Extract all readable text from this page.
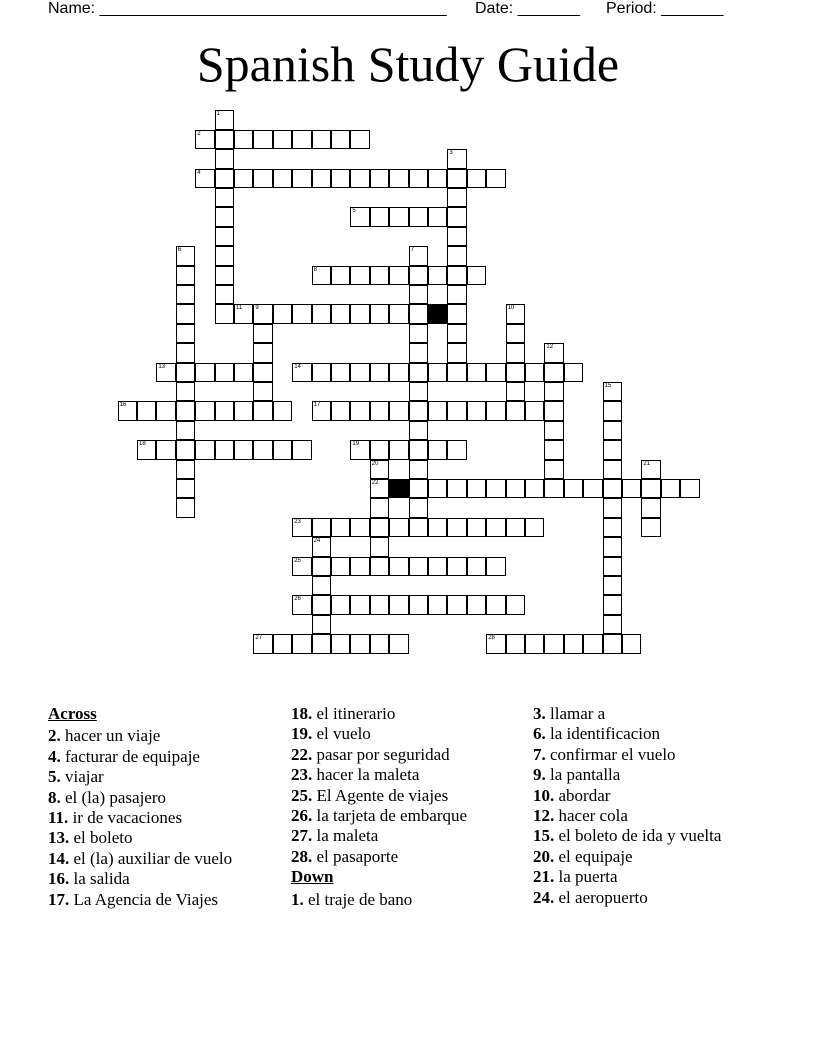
Name: _______________________________________ Date: _______ Period: _______
Spanish Study Guide
2
4
5
8
11 9
13	14
16	17
18	19
22
23
25
26
27	28
1
3
6	7
10
12
15
20	21
24
Across
2. hacer un viaje
4. facturar de equipaje
5. viajar
8. el (la) pasajero
11. ir de vacaciones
13. el boleto
14. el (la) auxiliar de vuelo
16. la salida
17. La Agencia de Viajes
18. el itinerario
19. el vuelo
22. pasar por seguridad
23. hacer la maleta
25. El Agente de viajes
26. la tarjeta de embarque
27. la maleta
28. el pasaporte
Down
1. el traje de bano
3. llamar a
6. la identificacion
7. confirmar el vuelo
9. la pantalla
10. abordar
12. hacer cola
15. el boleto de ida y vuelta
20. el equipaje
21. la puerta
24. el aeropuerto
